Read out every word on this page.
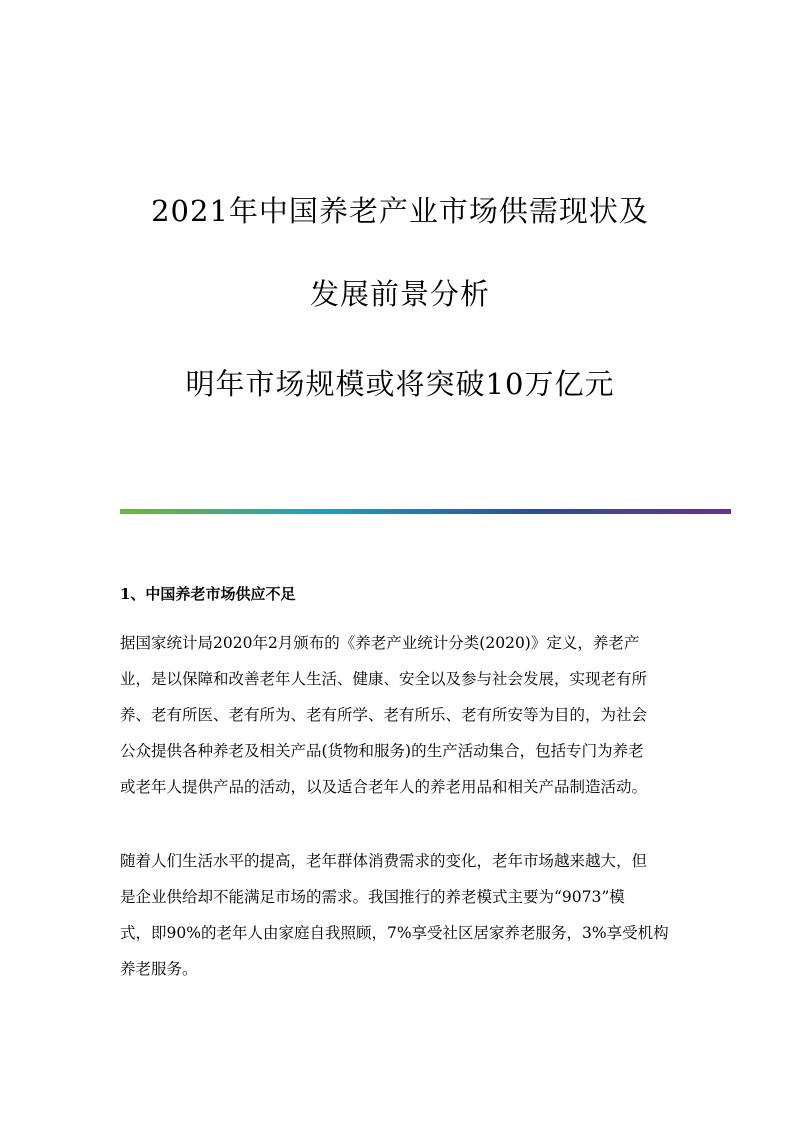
2021年中国养老产业市场供需现状及
发展前景分析
明年市场规模或将突破10万亿元
1、中国养老市场供应不足

据国家统计局2020年2月颁布的《养老产业统计分类(2020)》定义，养老产
业，是以保障和改善老年人生活、健康、安全以及参与社会发展，实现老有所
养、老有所医、老有所为、老有所学、老有所乐、老有所安等为目的，为社会
公众提供各种养老及相关产品(货物和服务)的生产活动集合，包括专门为养老
或老年人提供产品的活动，以及适合老年人的养老用品和相关产品制造活动。

随着人们生活水平的提高，老年群体消费需求的变化，老年市场越来越大，但
是企业供给却不能满足市场的需求。我国推行的养老模式主要为“9073”模
式，即90%的老年人由家庭自我照顾，7%享受社区居家养老服务，3%享受机构
养老服务。
